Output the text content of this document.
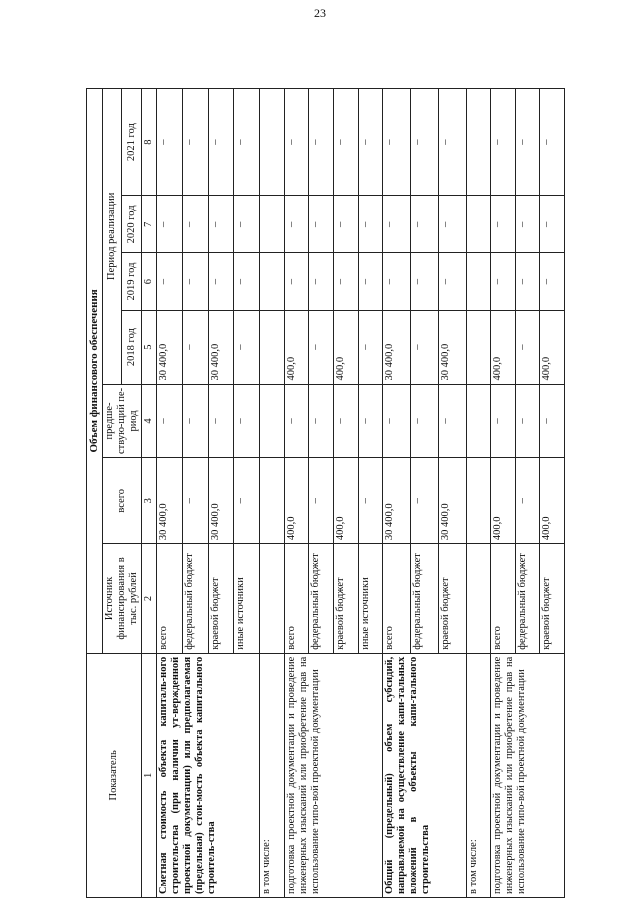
23
Показатель	Объем финансового обеспечения						
	Источник финансирования в тыс. рублей	всего	предше-ствую-щий пе-риод	Период реализации			
				2018 год	2019 год	2020 год	2021 год
1	2	3	4	5	6	7	8
Сметная стоимость объекта капиталь-ного строительства (при наличии ут-вержденной проектной документации) или предполагаемая (предельная) стои-мость объекта капитального строитель-ства	всего	30 400,0	–	30 400,0	–	–	–
	федеральный бюджет	–	–	–	–	–	–
	краевой бюджет	30 400,0	–	30 400,0	–	–	–
	иные источники	–	–	–	–	–	–
в том числе:							
подготовка проектной документации и проведение инженерных изысканий или приобретение прав на использование типо-вой проектной документации	всего	400,0	–	400,0	–	–	–
	федеральный бюджет	–	–	–	–	–	–
	краевой бюджет	400,0	–	400,0	–	–	–
	иные источники	–	–	–	–	–	–
Общий (предельный) объем субсидий, направляемой на осуществление капи-тальных вложений в объекты капи-тального строительства	всего	30 400,0	–	30 400,0	–	–	–
	федеральный бюджет	–	–	–	–	–	–
	краевой бюджет	30 400,0	–	30 400,0	–	–	–
в том числе:							
подготовка проектной документации и проведение инженерных изысканий или приобретение прав на использование типо-вой проектной документации	всего	400,0	–	400,0	–	–	–
	федеральный бюджет	–	–	–	–	–	–
	краевой бюджет	400,0	–	400,0	–	–	–
